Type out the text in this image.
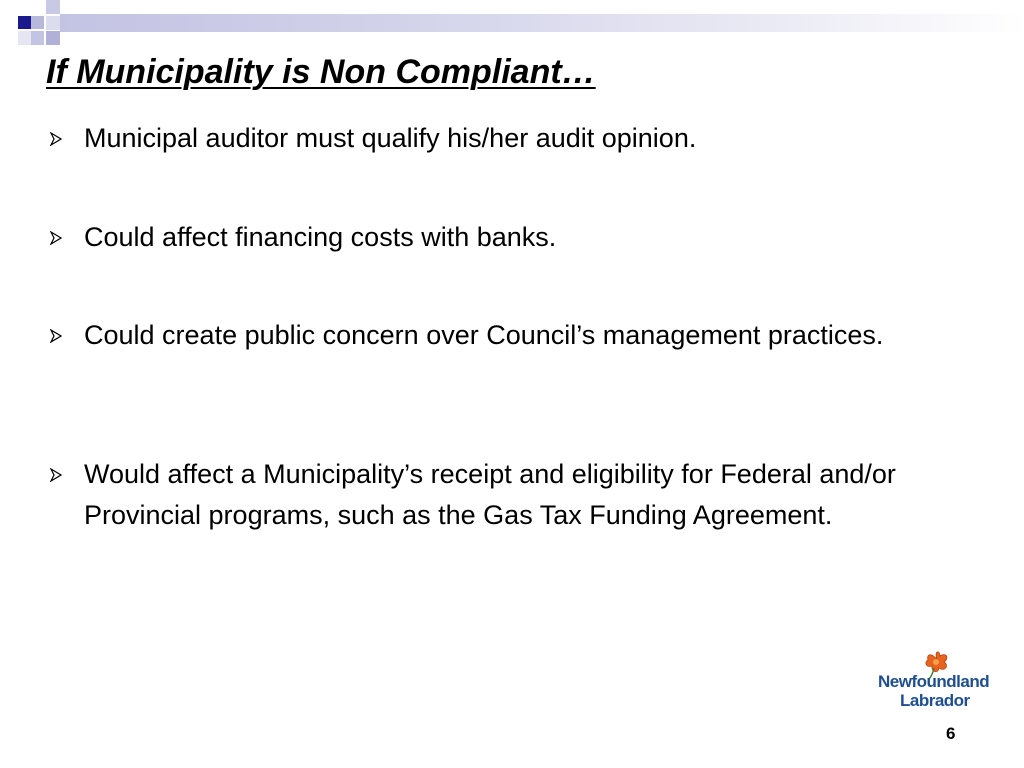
If Municipality is Non Compliant…
Municipal auditor must qualify his/her audit opinion.
Could affect financing costs with banks.
Could create public concern over Council’s management practices.
Would affect a Municipality’s receipt and eligibility for Federal and/or Provincial programs, such as the Gas Tax Funding Agreement.
Newfoundland
Labrador
6
